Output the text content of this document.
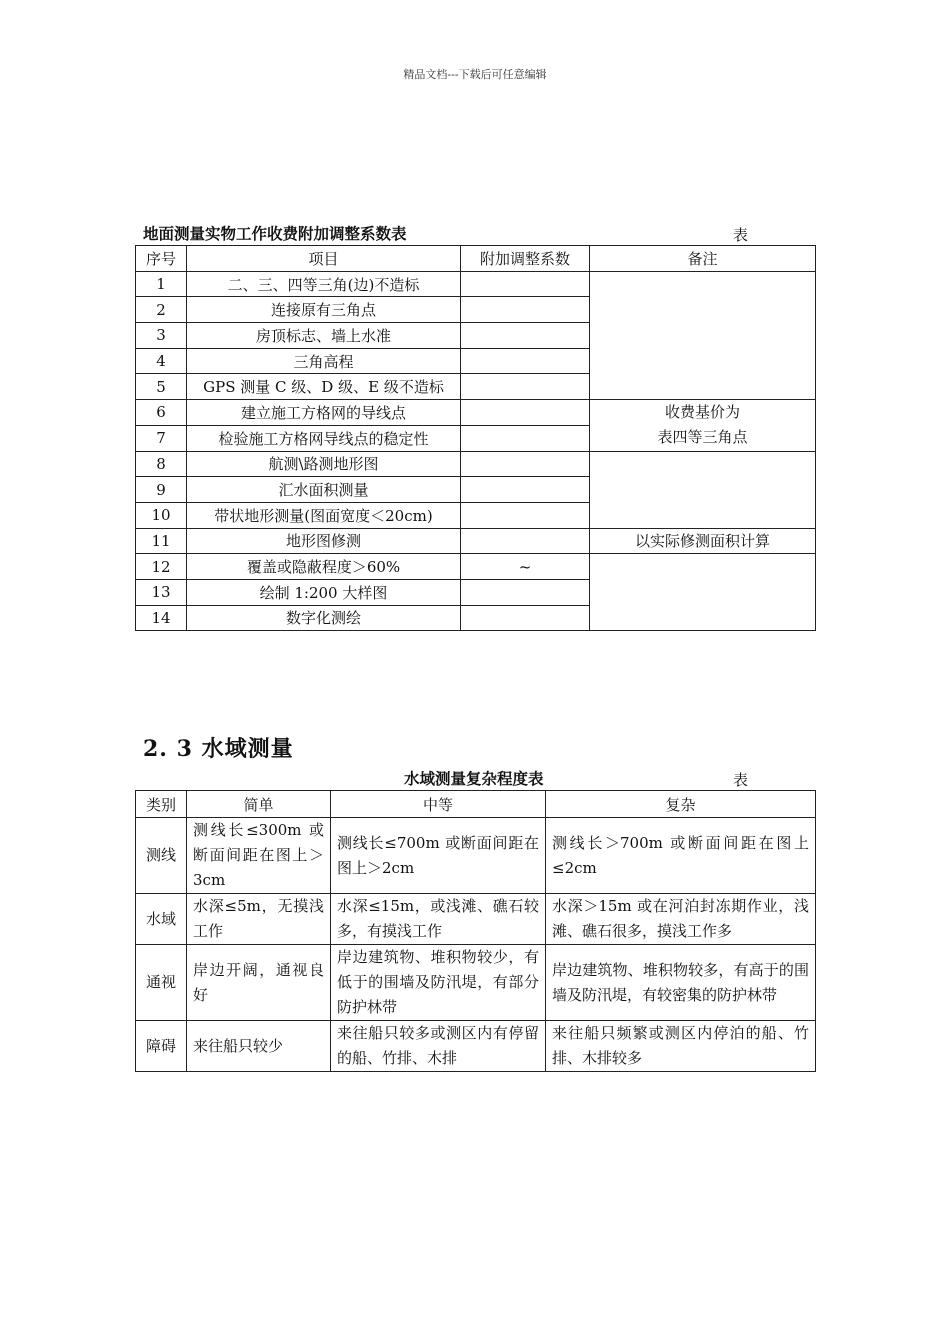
精品文档---下载后可任意编辑
地面测量实物工作收费附加调整系数表	表
序号	项目	附加调整系数	备注
1	二、三、四等三角(边)不造标		
2	连接原有三角点		
3	房顶标志、墙上水准		
4	三角高程		
5	GPS 测量 C 级、D 级、E 级不造标		
6	建立施工方格网的导线点		收费基价为
表四等三角点

7	检验施工方格网导线点的稳定性		
8	航测\路测地形图		
9	汇水面积测量		
10	带状地形测量(图面宽度＜20cm)		
11	地形图修测		以实际修测面积计算
12	覆盖或隐蔽程度＞60%	~	
13	绘制 1:200 大样图		
14	数字化测绘		
2. 3 水域测量
水域测量复杂程度表	表
类别	简单	中等	复杂
测线	测线长≤300m 或断面间距在图上＞3cm	测线长≤700m 或断面间距在图上＞2cm	测线长＞700m 或断面间距在图上≤2cm
水域	水深≤5m，无摸浅工作	水深≤15m，或浅滩、礁石较多，有摸浅工作	水深＞15m 或在河泊封冻期作业，浅滩、礁石很多，摸浅工作多
通视	岸边开阔，通视良好	岸边建筑物、堆积物较少，有低于的围墙及防汛堤，有部分防护林带	岸边建筑物、堆积物较多，有高于的围墙及防汛堤，有较密集的防护林带
障碍	来往船只较少	来往船只较多或测区内有停留的船、竹排、木排	来往船只频繁或测区内停泊的船、竹排、木排较多
